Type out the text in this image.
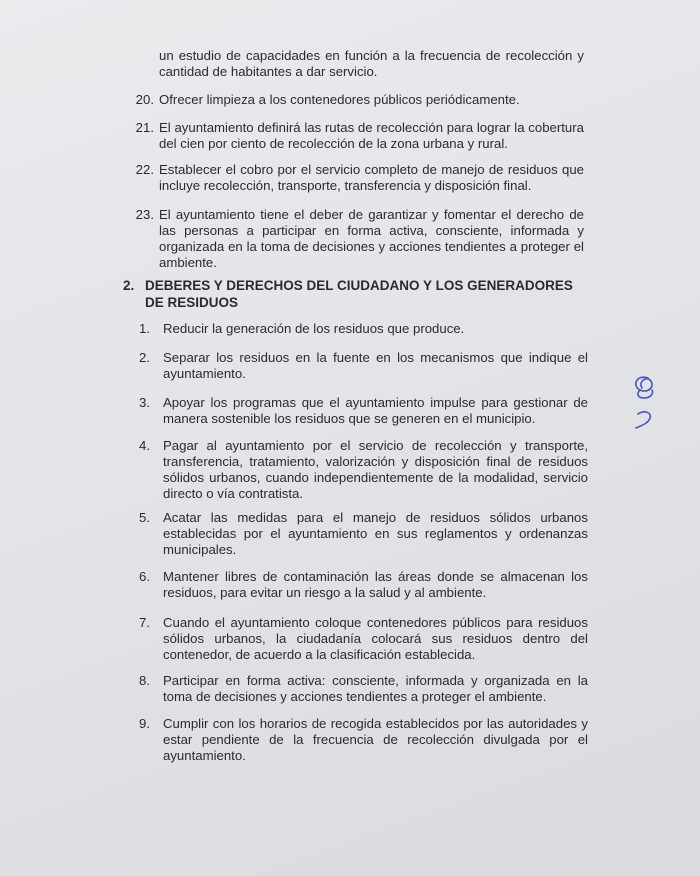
un estudio de capacidades en función a la frecuencia de recolección y cantidad de habitantes a dar servicio.
20. Ofrecer limpieza a los contenedores públicos periódicamente.
21. El ayuntamiento definirá las rutas de recolección para lograr la cobertura del cien por ciento de recolección de la zona urbana y rural.
22. Establecer el cobro por el servicio completo de manejo de residuos que incluye recolección, transporte, transferencia y disposición final.
23. El ayuntamiento tiene el deber de garantizar y fomentar el derecho de las personas a participar en forma activa, consciente, informada y organizada en la toma de decisiones y acciones tendientes a proteger el ambiente.
2. DEBERES Y DERECHOS DEL CIUDADANO Y LOS GENERADORES DE RESIDUOS
1. Reducir la generación de los residuos que produce.
2. Separar los residuos en la fuente en los mecanismos que indique el ayuntamiento.
3. Apoyar los programas que el ayuntamiento impulse para gestionar de manera sostenible los residuos que se generen en el municipio.
4. Pagar al ayuntamiento por el servicio de recolección y transporte, transferencia, tratamiento, valorización y disposición final de residuos sólidos urbanos, cuando independientemente de la modalidad, servicio directo o vía contratista.
5. Acatar las medidas para el manejo de residuos sólidos urbanos establecidas por el ayuntamiento en sus reglamentos y ordenanzas municipales.
6. Mantener libres de contaminación las áreas donde se almacenan los residuos, para evitar un riesgo a la salud y al ambiente.
7. Cuando el ayuntamiento coloque contenedores públicos para residuos sólidos urbanos, la ciudadanía colocará sus residuos dentro del contenedor, de acuerdo a la clasificación establecida.
8. Participar en forma activa: consciente, informada y organizada en la toma de decisiones y acciones tendientes a proteger el ambiente.
9. Cumplir con los horarios de recogida establecidos por las autoridades y estar pendiente de la frecuencia de recolección divulgada por el ayuntamiento.
